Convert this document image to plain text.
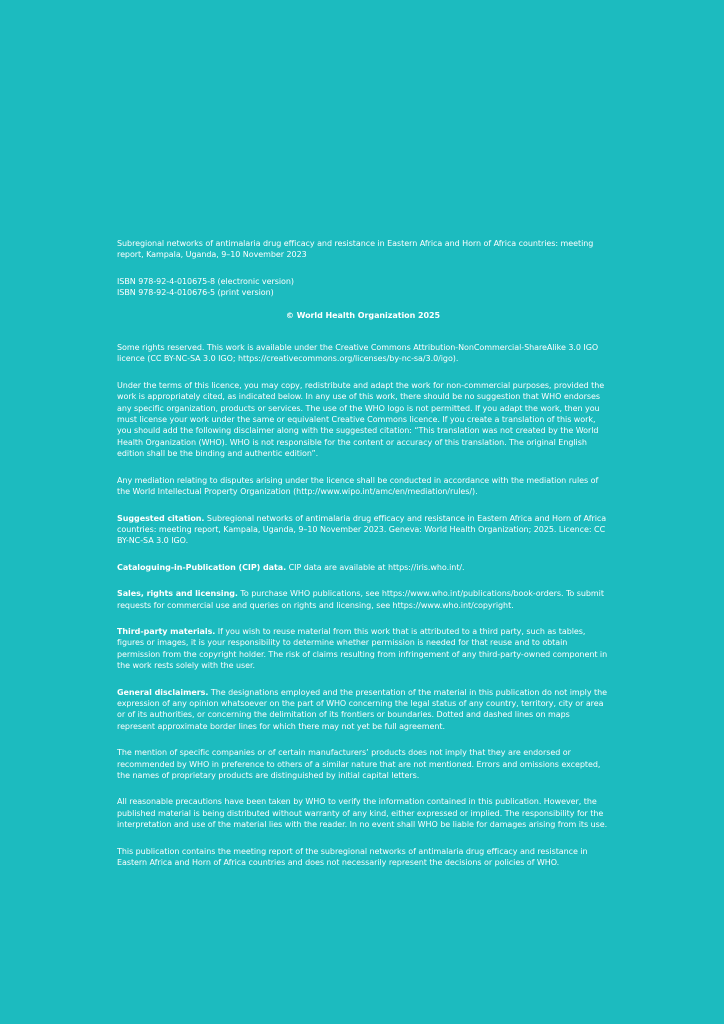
Subregional networks of antimalaria drug efficacy and resistance in Eastern Africa and Horn of Africa countries: meeting report, Kampala, Uganda, 9–10 November 2023

ISBN 978-92-4-010675-8 (electronic version)

ISBN 978-92-4-010676-5 (print version)

© World Health Organization 2025

Some rights reserved. This work is available under the Creative Commons Attribution-NonCommercial-ShareAlike 3.0 IGO licence (CC BY-NC-SA 3.0 IGO; https://creativecommons.org/licenses/by-nc-sa/3.0/igo).

Under the terms of this licence, you may copy, redistribute and adapt the work for non-commercial purposes, provided the work is appropriately cited, as indicated below. In any use of this work, there should be no suggestion that WHO endorses any specific organization, products or services. The use of the WHO logo is not permitted. If you adapt the work, then you must license your work under the same or equivalent Creative Commons licence. If you create a translation of this work, you should add the following disclaimer along with the suggested citation: “This translation was not created by the World Health Organization (WHO). WHO is not responsible for the content or accuracy of this translation. The original English edition shall be the binding and authentic edition”.

Any mediation relating to disputes arising under the licence shall be conducted in accordance with the mediation rules of the World Intellectual Property Organization (http://www.wipo.int/amc/en/mediation/rules/).

Suggested citation. Subregional networks of antimalaria drug efficacy and resistance in Eastern Africa and Horn of Africa countries: meeting report, Kampala, Uganda, 9–10 November 2023. Geneva: World Health Organization; 2025. Licence: CC BY-NC-SA 3.0 IGO.

Cataloguing-in-Publication (CIP) data. CIP data are available at https://iris.who.int/.

Sales, rights and licensing. To purchase WHO publications, see https://www.who.int/publications/book-orders. To submit requests for commercial use and queries on rights and licensing, see https://www.who.int/copyright.

Third-party materials. If you wish to reuse material from this work that is attributed to a third party, such as tables, figures or images, it is your responsibility to determine whether permission is needed for that reuse and to obtain permission from the copyright holder. The risk of claims resulting from infringement of any third-party-owned component in the work rests solely with the user.

General disclaimers. The designations employed and the presentation of the material in this publication do not imply the expression of any opinion whatsoever on the part of WHO concerning the legal status of any country, territory, city or area or of its authorities, or concerning the delimitation of its frontiers or boundaries. Dotted and dashed lines on maps represent approximate border lines for which there may not yet be full agreement.

The mention of specific companies or of certain manufacturers’ products does not imply that they are endorsed or recommended by WHO in preference to others of a similar nature that are not mentioned. Errors and omissions excepted, the names of proprietary products are distinguished by initial capital letters.

All reasonable precautions have been taken by WHO to verify the information contained in this publication. However, the published material is being distributed without warranty of any kind, either expressed or implied. The responsibility for the interpretation and use of the material lies with the reader. In no event shall WHO be liable for damages arising from its use.

This publication contains the meeting report of the subregional networks of antimalaria drug efficacy and resistance in Eastern Africa and Horn of Africa countries and does not necessarily represent the decisions or policies of WHO.
